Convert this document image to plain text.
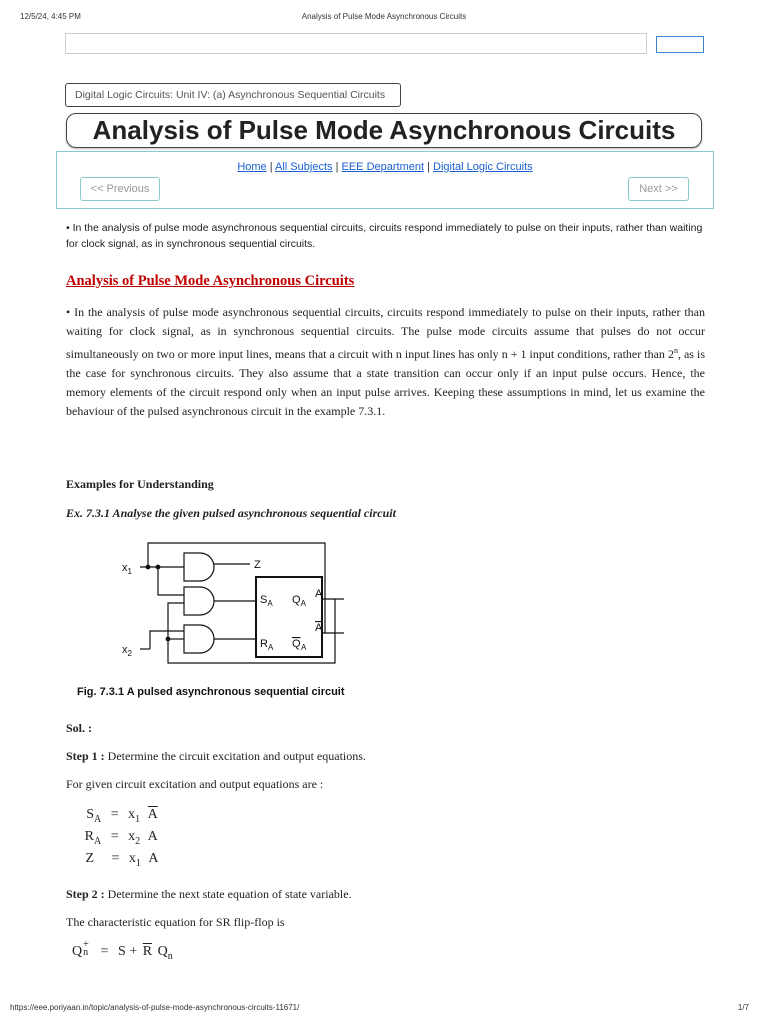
12/5/24, 4:45 PM	Analysis of Pulse Mode Asynchronous Circuits
Digital Logic Circuits: Unit IV: (a) Asynchronous Sequential Circuits
Analysis of Pulse Mode Asynchronous Circuits
Home | All Subjects | EEE Department | Digital Logic Circuits
<< Previous	Next >>
• In the analysis of pulse mode asynchronous sequential circuits, circuits respond immediately to pulse on their inputs, rather than waiting for clock signal, as in synchronous sequential circuits.
Analysis of Pulse Mode Asynchronous Circuits
• In the analysis of pulse mode asynchronous sequential circuits, circuits respond immediately to pulse on their inputs, rather than waiting for clock signal, as in synchronous sequential circuits. The pulse mode circuits assume that pulses do not occur simultaneously on two or more input lines, means that a circuit with n input lines has only n + 1 input conditions, rather than 2$^n$, as is the case for synchronous circuits. They also assume that a state transition can occur only if an input pulse occurs. Hence, the memory elements of the circuit respond only when an input pulse arrives. Keeping these assumptions in mind, let us examine the behaviour of the pulsed asynchronous circuit in the example 7.3.1.
Examples for Understanding
Ex. 7.3.1 Analyse the given pulsed asynchronous sequential circuit
$x_1$
$x_2$
Z
$S_A$
$R_A$
$Q_A$
Q A
A
A
Fig. 7.3.1 A pulsed asynchronous sequential circuit
Sol. :
Step 1 : Determine the circuit excitation and output equations.
For given circuit excitation and output equations are :
$S_A = x_1$ $\overline{A}$
$R_A = x_2$ A
$Z = x_1$ A
Step 2 : Determine the next state equation of state variable.
The characteristic equation for SR flip-flop is
Q +
$n = S + \overline{R}$ $Q_n$
https://eee.poriyaan.in/topic/analysis-of-pulse-mode-asynchronous-circuits-11671/	1/7
